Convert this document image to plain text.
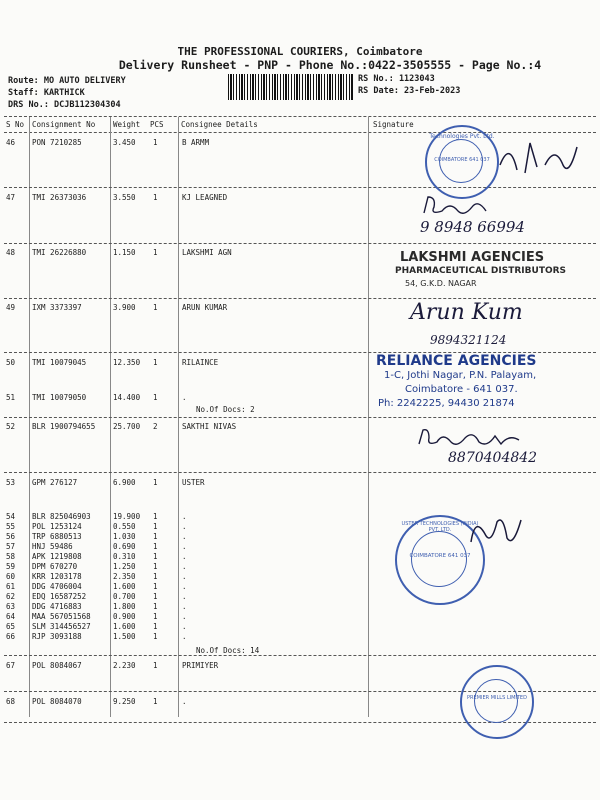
THE PROFESSIONAL COURIERS, Coimbatore
Delivery Runsheet - PNP - Phone No.:0422-3505555 - Page No.:4
Route: MO AUTO DELIVERY
Staff: KARTHICK
DRS No.: DCJB112304304
RS No.: 1123043
RS Date: 23-Feb-2023
S No Consignment No Weight PCS Consignee Details	Signature
46 PON 7210285	3.450 1	B ARMM
47 TMI 26373036	3.550 1	KJ LEAGNED
48 TMI 26226880	1.150 1	LAKSHMI AGN
49 IXM 3373397	3.900 1	ARUN KUMAR
50 TMI 10079045	12.350 1	RILAINCE
51 TMI 10079050	14.400 1	.
52 BLR 1900794655 25.700 2	SAKTHI NIVAS
53 GPM 276127	6.900 1	USTER
54 BLR 825046903	19.900 1	.
55 POL 1253124	0.550 1	.
56 TRP 6880513	1.030 1	.
57 HNJ 59486	0.690 1	.
58 APK 1219808	0.310 1	.
59 DPM 670270	1.250 1	.
60 KRR 1203178	2.350 1	.
61 DDG 4706004	1.600 1	.
62 EDQ 16587252	0.700 1	.
63 DDG 4716883	1.800 1	.
64 MAA 567051568	0.900 1	.
65 SLM 314456527	1.600 1	.
66 RJP 3093188	1.500 1	.
67 POL 8084067	2.230 1	PRIMIYER
68 POL 8084070	9.250 1	.
No.Of Docs: 2
No.Of Docs: 14
Technologies Pvt. Ltd.
COIMBATORE 641 037
9 8948 66994
LAKSHMI AGENCIES
PHARMACEUTICAL DISTRIBUTORS
54, G.K.D. NAGAR
Arun Kum
9894321124
RELIANCE AGENCIES
1-C, Jothi Nagar, P.N. Palayam,
Coimbatore - 641 037.
Ph: 2242225, 94430 21874
8870404842
USTER TECHNOLOGIES (INDIA) PVT. LTD.
COIMBATORE 641 037
PREMIER MILLS LIMITED
